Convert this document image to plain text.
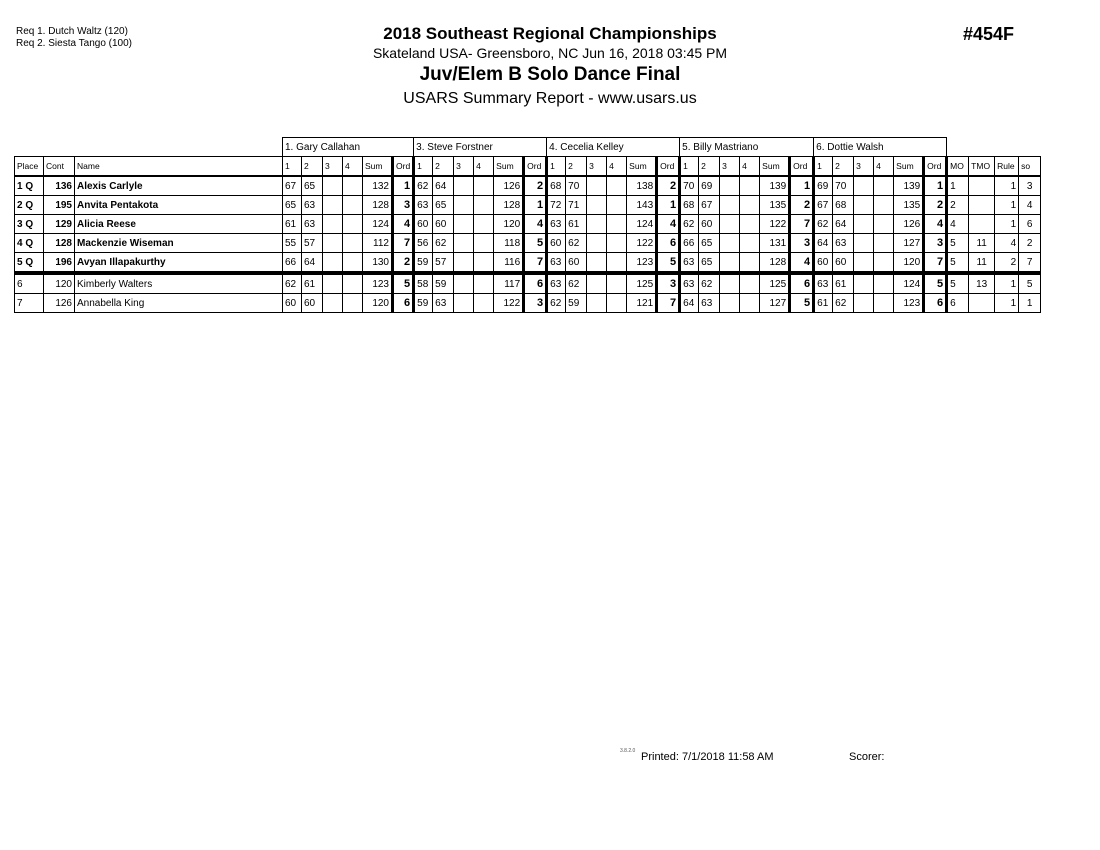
Req 1. Dutch Waltz (120)
Req 2. Siesta Tango (100)
2018 Southeast Regional Championships
Skateland USA- Greensboro, NC Jun 16, 2018 03:45 PM
Juv/Elem B Solo Dance Final
USARS Summary Report - www.usars.us
#454F
			1. Gary Callahan						3. Steve Forstner						4. Cecelia Kelley						5. Billy Mastriano						6. Dottie Walsh									
Place	Cont	Name	1	2	3	4	Sum	Ord	1	2	3	4	Sum	Ord	1	2	3	4	Sum	Ord	1	2	3	4	Sum	Ord	1	2	3	4	Sum	Ord	MO	TMO	Rule	so
1 Q	136	Alexis Carlyle	67	65			132	1	62	64			126	2	68	70			138	2	70	69			139	1	69	70			139	1	1		1	3
2 Q	195	Anvita Pentakota	65	63			128	3	63	65			128	1	72	71			143	1	68	67			135	2	67	68			135	2	2		1	4
3 Q	129	Alicia Reese	61	63			124	4	60	60			120	4	63	61			124	4	62	60			122	7	62	64			126	4	4		1	6
4 Q	128	Mackenzie Wiseman	55	57			112	7	56	62			118	5	60	62			122	6	66	65			131	3	64	63			127	3	5	11	4	2
5 Q	196	Avyan Illapakurthy	66	64			130	2	59	57			116	7	63	60			123	5	63	65			128	4	60	60			120	7	5	11	2	7
6	120	Kimberly Walters	62	61			123	5	58	59			117	6	63	62			125	3	63	62			125	6	63	61			124	5	5	13	1	5
7	126	Annabella King	60	60			120	6	59	63			122	3	62	59			121	7	64	63			127	5	61	62			123	6	6		1	1
3.8.2.0 Printed: 7/1/2018 11:58 AM	Scorer:
